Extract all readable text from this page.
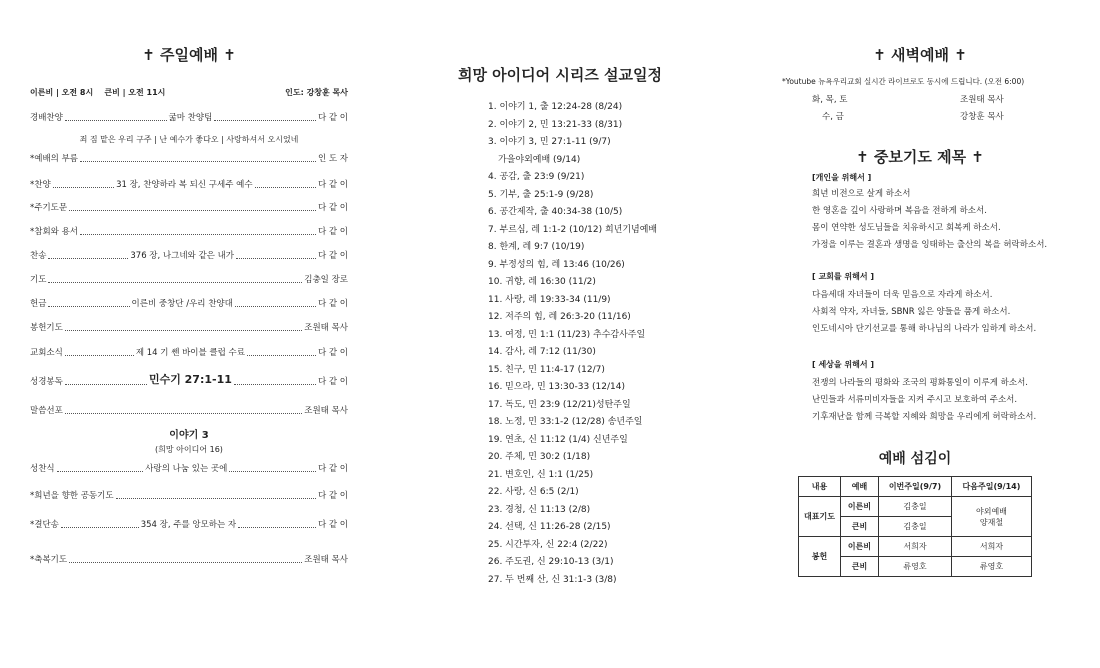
✝ 주일예배 ✝
이른비 | 오전 8시    큰비 | 오전 11시	인도: 강창훈 목사
경배찬양	굶마 찬양팀	다 같 이
죄 짐 맡은 우리 구주 | 난 예수가 좋다오 | 사랑하셔서 오시었네
*예배의 부름	인 도 자
*찬양	31 장, 찬양하라 복 되신 구세주 예수	다 같 이
*주기도문	다 같 이
*참회와 용서	다 같 이
찬송	376 장, 나그네와 같은 내가	다 같 이
기도	김충일 장로
헌금	이른비 중창단 /우리 찬양대	다 같 이
봉헌기도	조원태 목사
교회소식	제 14 기 쎈 바이블 클럽 수료	다 같 이
성경봉독	민수기 27:1-11	다 같 이
말씀선포	조원태 목사
이야기 3
(희망 아이디어 16)
성찬식	사랑의 나눔 있는 곳에	다 같 이
*희년을 향한 공동기도	다 같 이
*결단송	354 장, 주를 앙모하는 자	다 같 이
*축복기도	조원태 목사
희망 아이디어 시리즈 설교일정
1. 이야기 1, 출 12:24-28 (8/24)
2. 이야기 2, 민 13:21-33 (8/31)
3. 이야기 3, 민 27:1-11 (9/7)
가을야외예배 (9/14)
4. 공감, 출 23:9 (9/21)
5. 기부, 출 25:1-9 (9/28)
6. 공간제작, 출 40:34-38 (10/5)
7. 부르심, 레 1:1-2 (10/12) 희년기념예배
8. 한계, 레 9:7 (10/19)
9. 부정성의 힘, 레 13:46 (10/26)
10. 귀향, 레 16:30 (11/2)
11. 사랑, 레 19:33-34 (11/9)
12. 저주의 힘, 레 26:3-20 (11/16)
13. 여정, 민 1:1 (11/23) 추수감사주일
14. 감사, 레 7:12 (11/30)
15. 친구, 민 11:4-17 (12/7)
16. 믿으라, 민 13:30-33 (12/14)
17. 독도, 민 23:9 (12/21)성탄주일
18. 노정, 민 33:1-2 (12/28) 송년주일
19. 연초, 신 11:12 (1/4) 신년주일
20. 주체, 민 30:2 (1/18)
21. 변호인, 신 1:1 (1/25)
22. 사랑, 신 6:5 (2/1)
23. 경청, 신 11:13 (2/8)
24. 선택, 신 11:26-28 (2/15)
25. 시간투자, 신 22:4 (2/22)
26. 주도권, 신 29:10-13 (3/1)
27. 두 번째 산, 신 31:1-3 (3/8)
✝ 새벽예배 ✝
*Youtube 뉴욕우리교회 실시간 라이브로도 동시에 드립니다. (오전 6:00)
화, 목, 토	조원태 목사
수, 금	강창훈 목사
✝ 중보기도 제목 ✝
[개인을 위해서 ]
희년 비전으로 살게 하소서
한 영혼을 깊이 사랑하며 복음을 전하게 하소서.
몸이 연약한 성도님들을 치유하시고 회복케 하소서.
가정을 이루는 결혼과 생명을 잉태하는 출산의 복을 허락하소서.
[ 교회를 위해서 ]
다음세대 자녀들이 더욱 믿음으로 자라게 하소서.
사회적 약자, 자녀들, SBNR 잃은 양들을 품게 하소서.
인도네시아 단기선교를 통해 하나님의 나라가 임하게 하소서.
[ 세상을 위해서 ]
전쟁의 나라들의 평화와 조국의 평화통일이 이루게 하소서.
난민들과 서류미비자들을 지켜 주시고 보호하여 주소서.
기후재난을 함께 극복할 지혜와 희망을 우리에게 허락하소서.
예배 섬김이
내용	예배	이번주일(9/7)	다음주일(9/14)
대표기도	이른비	김충일	야외예배
양재철
	큰비	김충일	
봉헌	이른비	서희자	서희자
	큰비	류영호	류영호
